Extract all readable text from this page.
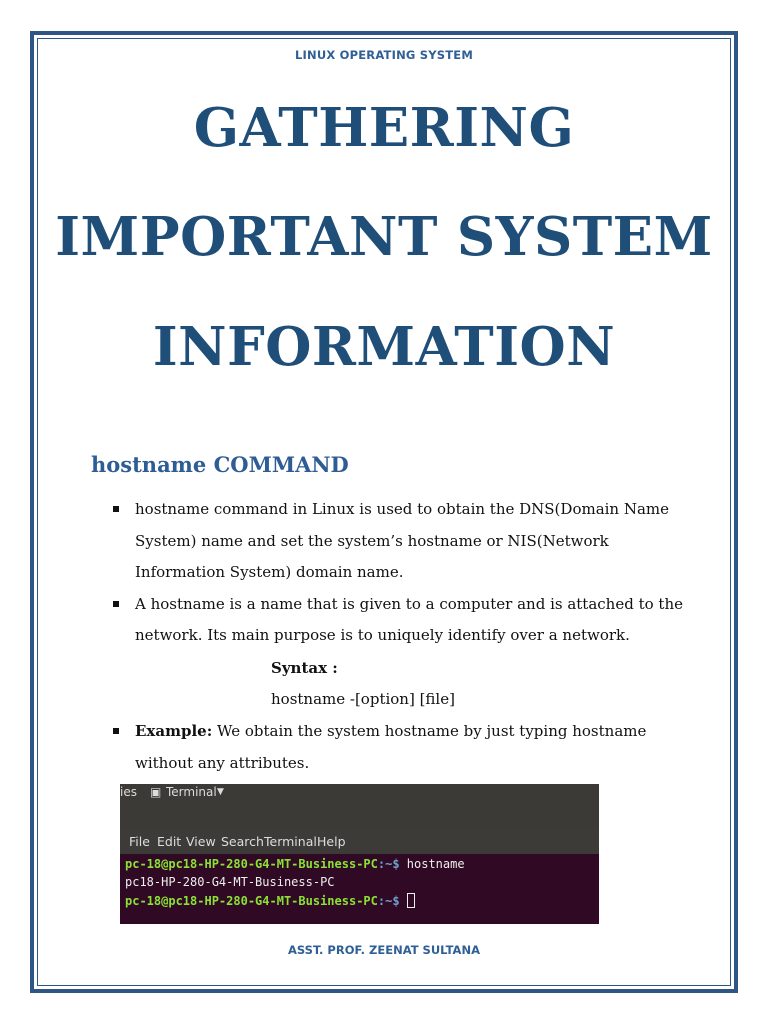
LINUX OPERATING SYSTEM
GATHERING
IMPORTANT SYSTEM
INFORMATION
hostname COMMAND
hostname command in Linux is used to obtain the DNS(Domain Name
System) name and set the system’s hostname or NIS(Network
Information System) domain name.
A hostname is a name that is given to a computer and is attached to the
network. Its main purpose is to uniquely identify over a network.
Syntax :
hostname -[option] [file]
Example: We obtain the system hostname by just typing hostname
without any attributes.
ies ▣ Terminal ▼
File Edit View Search Terminal Help
pc-18@pc18-HP-280-G4-MT-Business-PC:~$ hostname
pc18-HP-280-G4-MT-Business-PC
pc-18@pc18-HP-280-G4-MT-Business-PC:~$
ASST. PROF. ZEENAT SULTANA
